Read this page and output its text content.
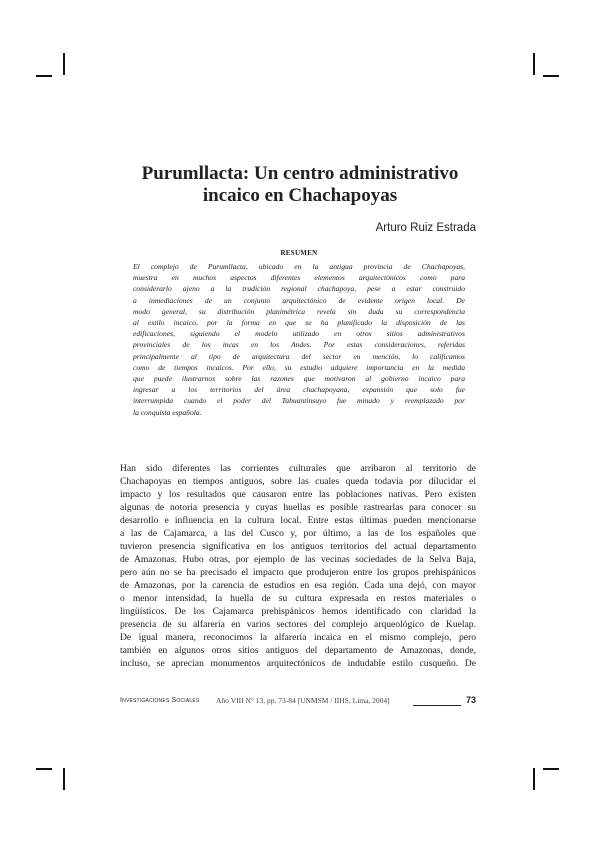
Purumllacta: Un centro administrativo
incaico en Chachapoyas
Arturo Ruiz Estrada
RESUMEN
El complejo de Purumllacta, ubicado en la antigua provincia de Chachapoyas,
muestra en muchos aspectos diferentes elementos arquitectónicos como para
considerarlo ajeno a la tradición regional chachapoya, pese a estar construido
a inmediaciones de un conjunto arquitectónico de evidente origen local. De
modo general, su distribución planimétrica revela sin duda su correspondencia
al estilo incaico, por la forma en que se ha planificado la disposición de las
edificaciones, siguiendo el modelo utilizado en otros sitios administrativos
provinciales de los incas en los Andes. Por estas consideraciones, referidas
principalmente al tipo de arquitectura del sector en mención, lo calificamos
como de tiempos incaicos. Por ello, su estudio adquiere importancia en la medida
que puede ilustrarnos sobre las razones que motivaron al gobierno incaico para
ingresar a los territorios del área chachapoyana, expansión que solo fue
interrumpida cuando el poder del Tahuantinsuyo fue minado y reemplazado por
la conquista española.
Han sido diferentes las corrientes culturales que arribaron al territorio de
Chachapoyas en tiempos antiguos, sobre las cuales queda todavía por dilucidar el
impacto y los resultados que causaron entre las poblaciones nativas. Pero existen
algunas de notoria presencia y cuyas huellas es posible rastrearlas para conocer su
desarrollo e influencia en la cultura local. Entre estas últimas pueden mencionarse
a las de Cajamarca, a las del Cusco y, por último, a las de los españoles que
tuvieron presencia significativa en los antiguos territorios del actual departamento
de Amazonas. Hubo otras, por ejemplo de las vecinas sociedades de la Selva Baja,
pero aún no se ha precisado el impacto que produjeron entre los grupos prehispánicos
de Amazonas, por la carencia de estudios en esa región. Cada una dejó, con mayor
o menor intensidad, la huella de su cultura expresada en restos materiales o
lingüísticos. De los Cajamarca prehispánicos hemos identificado con claridad la
presencia de su alfarería en varios sectores del complejo arqueológico de Kuelap.
De igual manera, reconocimos la alfarería incaica en el mismo complejo, pero
también en algunos otros sitios antiguos del departamento de Amazonas, donde,
incluso, se aprecian monumentos arquitectónicos de indudable estilo cusqueño. De
Investigaciones Sociales Año VIII N° 13, pp. 73-84 [UNMSM / IIHS, Lima, 2004]	73
